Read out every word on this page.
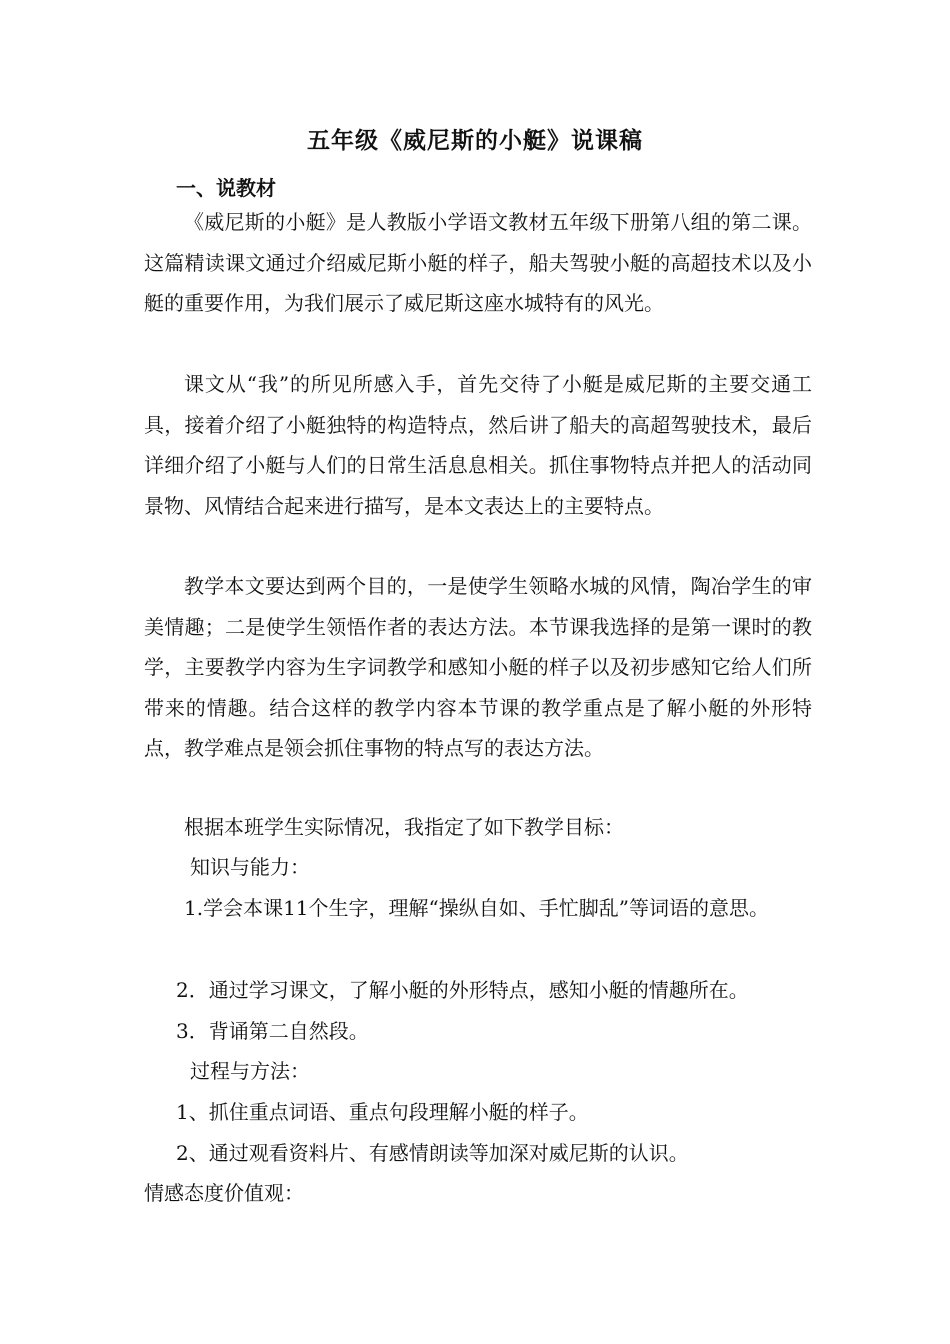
五年级《威尼斯的小艇》说课稿
一、说教材

《威尼斯的小艇》是人教版小学语文教材五年级下册第八组的第二课。这篇精读课文通过介绍威尼斯小艇的样子，船夫驾驶小艇的高超技术以及小艇的重要作用，为我们展示了威尼斯这座水城特有的风光。

课文从“我”的所见所感入手，首先交待了小艇是威尼斯的主要交通工具，接着介绍了小艇独特的构造特点，然后讲了船夫的高超驾驶技术，最后详细介绍了小艇与人们的日常生活息息相关。抓住事物特点并把人的活动同景物、风情结合起来进行描写，是本文表达上的主要特点。

教学本文要达到两个目的，一是使学生领略水城的风情，陶冶学生的审美情趣；二是使学生领悟作者的表达方法。本节课我选择的是第一课时的教学，主要教学内容为生字词教学和感知小艇的样子以及初步感知它给人们所带来的情趣。结合这样的教学内容本节课的教学重点是了解小艇的外形特点，教学难点是领会抓住事物的特点写的表达方法。

根据本班学生实际情况，我指定了如下教学目标：

知识与能力：

1.学会本课11个生字，理解“操纵自如、手忙脚乱”等词语的意思。

2．通过学习课文，了解小艇的外形特点，感知小艇的情趣所在。

3．背诵第二自然段。

过程与方法：

1、抓住重点词语、重点句段理解小艇的样子。

2、通过观看资料片、有感情朗读等加深对威尼斯的认识。

情感态度价值观：
